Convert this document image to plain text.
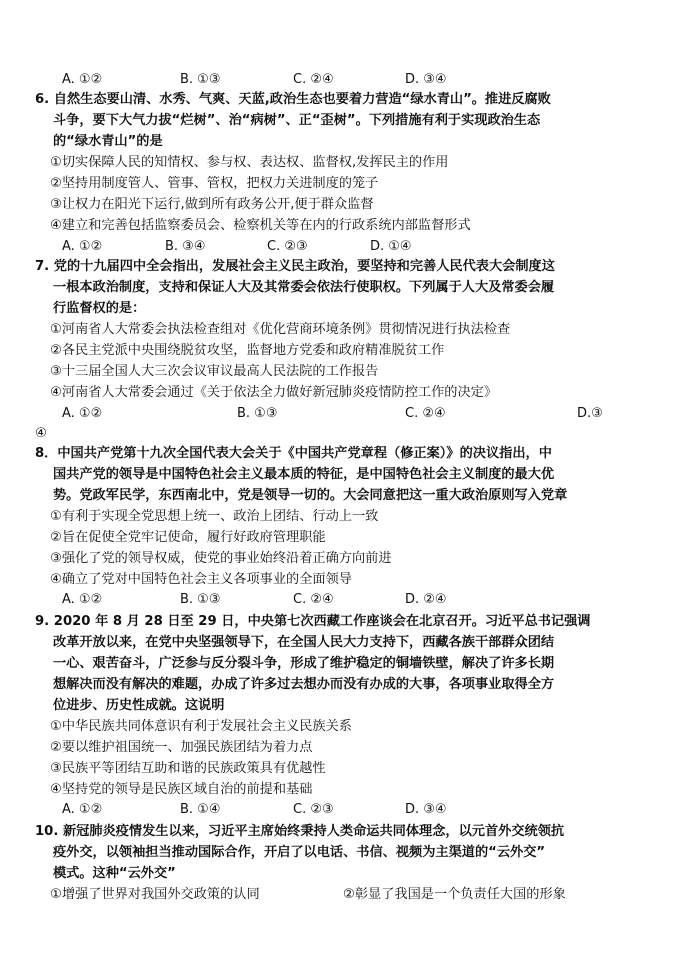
A. ①②	B. ①③	C. ②④	D. ③④
6. 自然生态要山清、水秀、气爽、天蓝,政治生态也要着力营造“绿水青山”。推进反腐败
斗争，要下大气力拔“烂树”、治“病树”、正“歪树”。下列措施有利于实现政治生态
的“绿水青山”的是
①切实保障人民的知情权、参与权、表达权、监督权,发挥民主的作用
②坚持用制度管人、管事、管权，把权力关进制度的笼子
③让权力在阳光下运行,做到所有政务公开,便于群众监督
④建立和完善包括监察委员会、检察机关等在内的行政系统内部监督形式
A. ①②	B. ③④	C. ②③	D. ①④
7. 党的十九届四中全会指出，发展社会主义民主政治，要坚持和完善人民代表大会制度这
一根本政治制度，支持和保证人大及其常委会依法行使职权。下列属于人大及常委会履
行监督权的是：
①河南省人大常委会执法检查组对《优化营商环境条例》贯彻情况进行执法检查
②各民主党派中央围绕脱贫攻坚，监督地方党委和政府精准脱贫工作
③十三届全国人大三次会议审议最高人民法院的工作报告
④河南省人大常委会通过《关于依法全力做好新冠肺炎疫情防控工作的决定》
A. ①②	B. ①③	C. ②④	D.③
④
8．中国共产党第十九次全国代表大会关于《中国共产党章程（修正案）》的决议指出，中
国共产党的领导是中国特色社会主义最本质的特征，是中国特色社会主义制度的最大优
势。党政军民学，东西南北中，党是领导一切的。大会同意把这一重大政治原则写入党章
①有利于实现全党思想上统一、政治上团结、行动上一致
②旨在促使全党牢记使命，履行好政府管理职能
③强化了党的领导权威，使党的事业始终沿着正确方向前进
④确立了党对中国特色社会主义各项事业的全面领导
A. ①②	B. ①③	C. ②④	D. ②④
9. 2020 年 8 月 28 日至 29 日，中央第七次西藏工作座谈会在北京召开。习近平总书记强调
改革开放以来，在党中央坚强领导下，在全国人民大力支持下，西藏各族干部群众团结
一心、艰苦奋斗，广泛参与反分裂斗争，形成了维护稳定的铜墙铁壁，解决了许多长期
想解决而没有解决的难题，办成了许多过去想办而没有办成的大事，各项事业取得全方
位进步、历史性成就。这说明
①中华民族共同体意识有利于发展社会主义民族关系
②要以维护祖国统一、加强民族团结为着力点
③民族平等团结互助和谐的民族政策具有优越性
④坚持党的领导是民族区域自治的前提和基础
A. ①②	B. ①④	C. ②③	D. ③④
10. 新冠肺炎疫情发生以来，习近平主席始终秉持人类命运共同体理念，以元首外交统领抗
疫外交，以领袖担当推动国际合作，开启了以电话、书信、视频为主渠道的“云外交”
模式。这种“云外交”
①增强了世界对我国外交政策的认同	②彰显了我国是一个负责任大国的形象
